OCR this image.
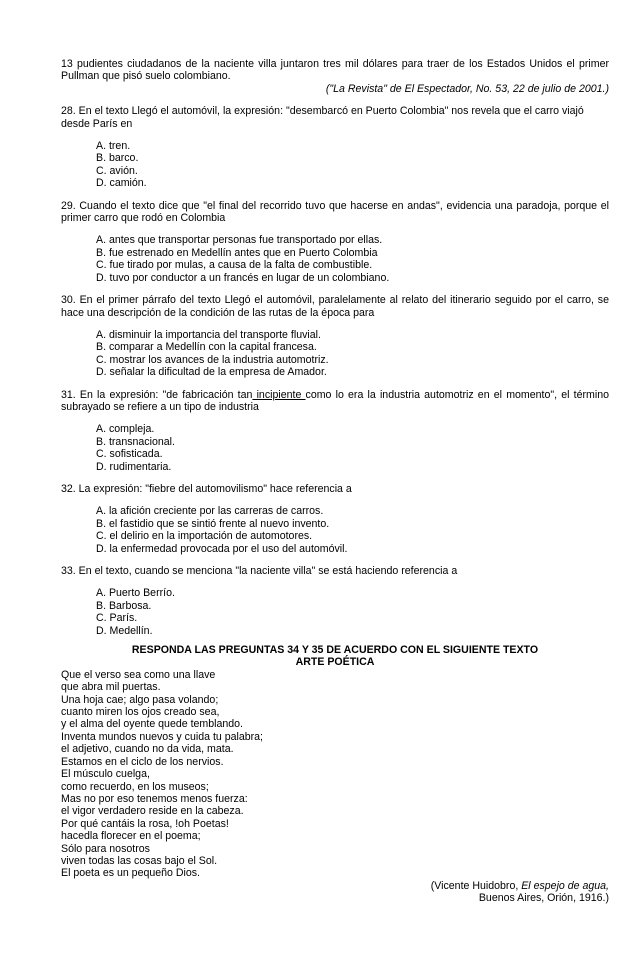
13 pudientes ciudadanos de la naciente villa juntaron tres mil dólares para traer de los Estados Unidos el primer Pullman que pisó suelo colombiano.
("La Revista" de El Espectador, No. 53, 22 de julio de 2001.)
28. En el texto Llegó el automóvil, la expresión: "desembarcó en Puerto Colombia" nos revela que el carro viajó desde París en
A. tren.
B. barco.
C. avión.
D. camión.
29. Cuando el texto dice que "el final del recorrido tuvo que hacerse en andas", evidencia una paradoja, porque el primer carro que rodó en Colombia
A. antes que transportar personas fue transportado por ellas.
B. fue estrenado en Medellín antes que en Puerto Colombia
C. fue tirado por mulas, a causa de la falta de combustible.
D. tuvo por conductor a un francés en lugar de un colombiano.
30. En el primer párrafo del texto Llegó el automóvil, paralelamente al relato del itinerario seguido por el carro, se hace una descripción de la condición de las rutas de la época para
A. disminuir la importancia del transporte fluvial.
B. comparar a Medellín con la capital francesa.
C. mostrar los avances de la industria automotriz.
D. señalar la dificultad de la empresa de Amador.
31. En la expresión: "de fabricación tan incipiente como lo era la industria automotriz en el momento", el término subrayado se refiere a un tipo de industria
A. compleja.
B. transnacional.
C. sofisticada.
D. rudimentaria.
32. La expresión: "fiebre del automovilismo" hace referencia a
A. la afición creciente por las carreras de carros.
B. el fastidio que se sintió frente al nuevo invento.
C. el delirio en la importación de automotores.
D. la enfermedad provocada por el uso del automóvil.
33. En el texto, cuando se menciona "la naciente villa" se está haciendo referencia a
A. Puerto Berrío.
B. Barbosa.
C. París.
D. Medellín.
RESPONDA LAS PREGUNTAS 34 Y 35 DE ACUERDO CON EL SIGUIENTE TEXTO
ARTE POÉTICA
Que el verso sea como una llave
que abra mil puertas.
Una hoja cae; algo pasa volando;
cuanto miren los ojos creado sea,
y el alma del oyente quede temblando.
Inventa mundos nuevos y cuida tu palabra;
el adjetivo, cuando no da vida, mata.
Estamos en el ciclo de los nervios.
El músculo cuelga,
como recuerdo, en los museos;
Mas no por eso tenemos menos fuerza:
el vigor verdadero reside en la cabeza.
Por qué cantáis la rosa, !oh Poetas!
hacedla florecer en el poema;
Sólo para nosotros
viven todas las cosas bajo el Sol.
El poeta es un pequeño Dios.
(Vicente Huidobro, El espejo de agua,
Buenos Aires, Orión, 1916.)
